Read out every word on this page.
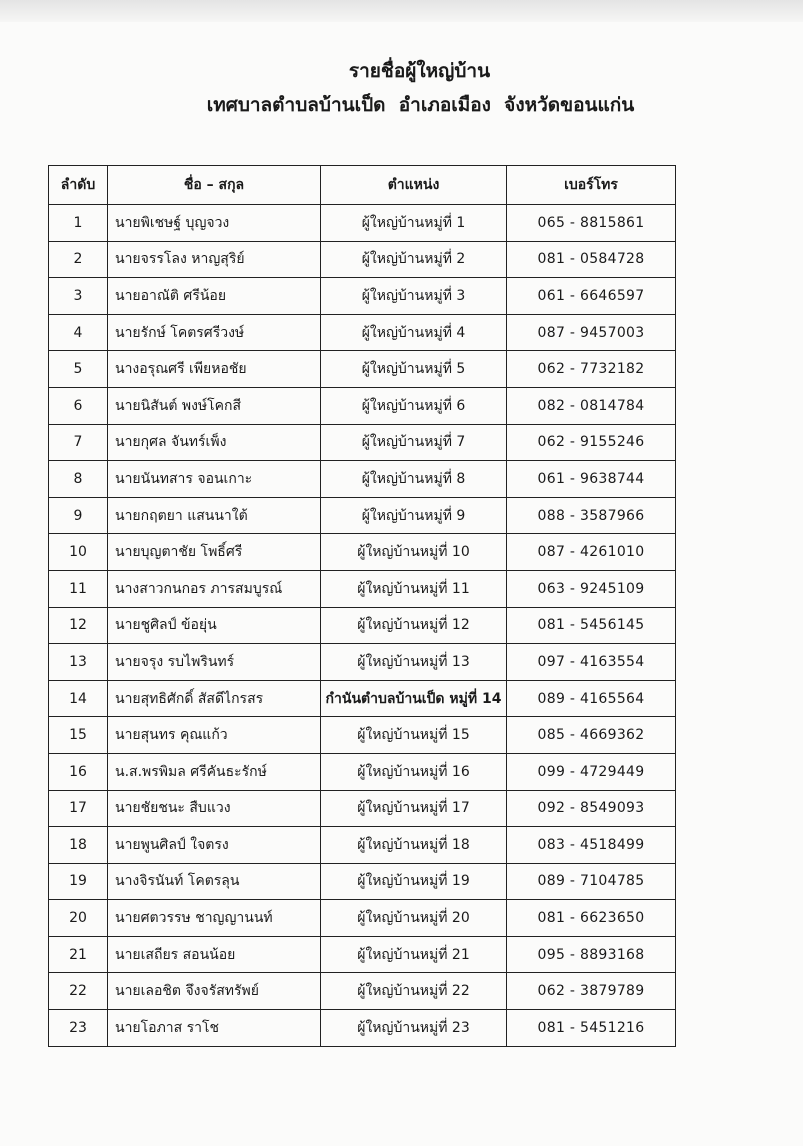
รายชื่อผู้ใหญ่บ้าน
เทศบาลตำบลบ้านเป็ด  อำเภอเมือง  จังหวัดขอนแก่น
ลำดับ	ชื่อ – สกุล	ตำแหน่ง	เบอร์โทร
1	นายพิเชษฐ์ บุญจวง	ผู้ใหญ่บ้านหมู่ที่ 1	065 - 8815861
2	นายจรรโลง หาญสุริย์	ผู้ใหญ่บ้านหมู่ที่ 2	081 - 0584728
3	นายอาณัติ ศรีน้อย	ผู้ใหญ่บ้านหมู่ที่ 3	061 - 6646597
4	นายรักษ์ โคตรศรีวงษ์	ผู้ใหญ่บ้านหมู่ที่ 4	087 - 9457003
5	นางอรุณศรี เพียหอชัย	ผู้ใหญ่บ้านหมู่ที่ 5	062 - 7732182
6	นายนิสันต์ พงษ์โคกสี	ผู้ใหญ่บ้านหมู่ที่ 6	082 - 0814784
7	นายกุศล จันทร์เพ็ง	ผู้ใหญ่บ้านหมู่ที่ 7	062 - 9155246
8	นายนันทสาร จอนเกาะ	ผู้ใหญ่บ้านหมู่ที่ 8	061 - 9638744
9	นายกฤตยา แสนนาใต้	ผู้ใหญ่บ้านหมู่ที่ 9	088 - 3587966
10	นายบุญตาชัย โพธิ์ศรี	ผู้ใหญ่บ้านหมู่ที่ 10	087 - 4261010
11	นางสาวกนกอร ภารสมบูรณ์	ผู้ใหญ่บ้านหมู่ที่ 11	063 - 9245109
12	นายชูศิลป์ ข้อยุ่น	ผู้ใหญ่บ้านหมู่ที่ 12	081 - 5456145
13	นายจรุง รบไพรินทร์	ผู้ใหญ่บ้านหมู่ที่ 13	097 - 4163554
14	นายสุทธิศักดิ์ สัสดีไกรสร	กำนันตำบลบ้านเป็ด หมู่ที่ 14	089 - 4165564
15	นายสุนทร คุณแก้ว	ผู้ใหญ่บ้านหมู่ที่ 15	085 - 4669362
16	น.ส.พรพิมล ศรีคันธะรักษ์	ผู้ใหญ่บ้านหมู่ที่ 16	099 - 4729449
17	นายชัยชนะ สืบแวง	ผู้ใหญ่บ้านหมู่ที่ 17	092 - 8549093
18	นายพูนศิลป์ ใจตรง	ผู้ใหญ่บ้านหมู่ที่ 18	083 - 4518499
19	นางจิรนันท์ โคตรลุน	ผู้ใหญ่บ้านหมู่ที่ 19	089 - 7104785
20	นายศตวรรษ ชาญญานนท์	ผู้ใหญ่บ้านหมู่ที่ 20	081 - 6623650
21	นายเสถียร สอนน้อย	ผู้ใหญ่บ้านหมู่ที่ 21	095 - 8893168
22	นายเลอชิต จึงจรัสทรัพย์	ผู้ใหญ่บ้านหมู่ที่ 22	062 - 3879789
23	นายโอภาส ราโช	ผู้ใหญ่บ้านหมู่ที่ 23	081 - 5451216
